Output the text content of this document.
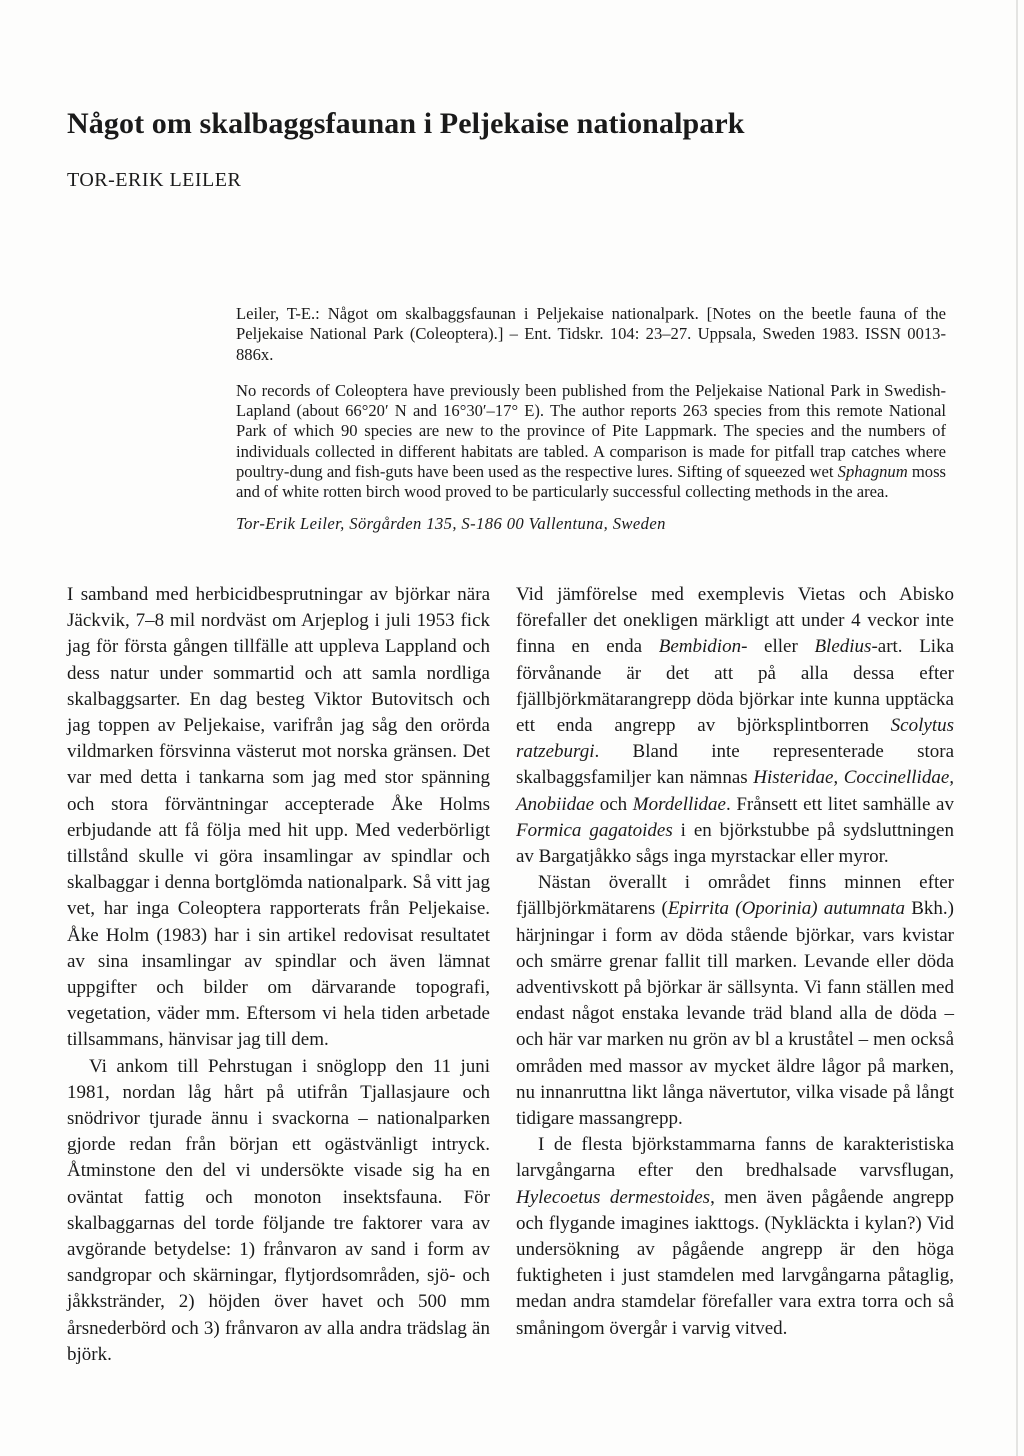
Något om skalbaggsfaunan i Peljekaise nationalpark
TOR-ERIK LEILER

Leiler, T-E.: Något om skalbaggsfaunan i Peljekaise nationalpark. [Notes on the beetle fauna of the Peljekaise National Park (Coleoptera).] – Ent. Tidskr. 104: 23–27. Uppsala, Sweden 1983. ISSN 0013-886x.

No records of Coleoptera have previously been published from the Peljekaise National Park in Swedish-Lapland (about 66°20′ N and 16°30′–17° E). The author reports 263 species from this remote National Park of which 90 species are new to the province of Pite Lappmark. The species and the numbers of individuals collected in different habitats are tabled. A comparison is made for pitfall trap catches where poultry-dung and fish-guts have been used as the respective lures. Sifting of squeezed wet Sphagnum moss and of white rotten birch wood proved to be particularly successful collecting methods in the area.

Tor-Erik Leiler, Sörgården 135, S-186 00 Vallentuna, Sweden

I samband med herbicidbesprutningar av björkar nära Jäckvik, 7–8 mil nordväst om Arjeplog i juli 1953 fick jag för första gången tillfälle att uppleva Lappland och dess natur under sommartid och att samla nordliga skalbaggsarter. En dag besteg Viktor Butovitsch och jag toppen av Peljekaise, varifrån jag såg den orörda vildmarken försvinna västerut mot norska gränsen. Det var med detta i tankarna som jag med stor spänning och stora förväntningar accepterade Åke Holms erbjudande att få följa med hit upp. Med vederbörligt tillstånd skulle vi göra insamlingar av spindlar och skalbaggar i denna bortglömda nationalpark. Så vitt jag vet, har inga Coleoptera rapporterats från Peljekaise. Åke Holm (1983) har i sin artikel redovisat resultatet av sina insamlingar av spindlar och även lämnat uppgifter och bilder om därvarande topografi, vegetation, väder mm. Eftersom vi hela tiden arbetade tillsammans, hänvisar jag till dem.

Vi ankom till Pehrstugan i snöglopp den 11 juni 1981, nordan låg hårt på utifrån Tjallasjaure och snödrivor tjurade ännu i svackorna – nationalparken gjorde redan från början ett ogästvänligt intryck. Åtminstone den del vi undersökte visade sig ha en oväntat fattig och monoton insektsfauna. För skalbaggarnas del torde följande tre faktorer vara av avgörande betydelse: 1) frånvaron av sand i form av sandgropar och skärningar, flytjordsområden, sjö- och jåkkstränder, 2) höjden över havet och 500 mm årsnederbörd och 3) frånvaron av alla andra trädslag än björk.

Vid jämförelse med exemplevis Vietas och Abisko förefaller det onekligen märkligt att under 4 veckor inte finna en enda Bembidion- eller Bledius-art. Lika förvånande är det att på alla dessa efter fjällbjörkmätarangrepp döda björkar inte kunna upptäcka ett enda angrepp av björksplintborren Scolytus ratzeburgi. Bland inte representerade stora skalbaggsfamiljer kan nämnas Histeridae, Coccinellidae, Anobiidae och Mordellidae. Frånsett ett litet samhälle av Formica gagatoides i en björkstubbe på sydsluttningen av Bargatjåkko sågs inga myrstackar eller myror.

Nästan överallt i området finns minnen efter fjällbjörkmätarens (Epirrita (Oporinia) autumnata Bkh.) härjningar i form av döda stående björkar, vars kvistar och smärre grenar fallit till marken. Levande eller döda adventivskott på björkar är sällsynta. Vi fann ställen med endast något enstaka levande träd bland alla de döda – och här var marken nu grön av bl a kruståtel – men också områden med massor av mycket äldre lågor på marken, nu innanruttna likt långa nävertutor, vilka visade på långt tidigare massangrepp.

I de flesta björkstammarna fanns de karakteristiska larvgångarna efter den bredhalsade varvsflugan, Hylecoetus dermestoides, men även pågående angrepp och flygande imagines iakttogs. (Nykläckta i kylan?) Vid undersökning av pågående angrepp är den höga fuktigheten i just stamdelen med larvgångarna påtaglig, medan andra stamdelar förefaller vara extra torra och så småningom övergår i varvig vitved.
